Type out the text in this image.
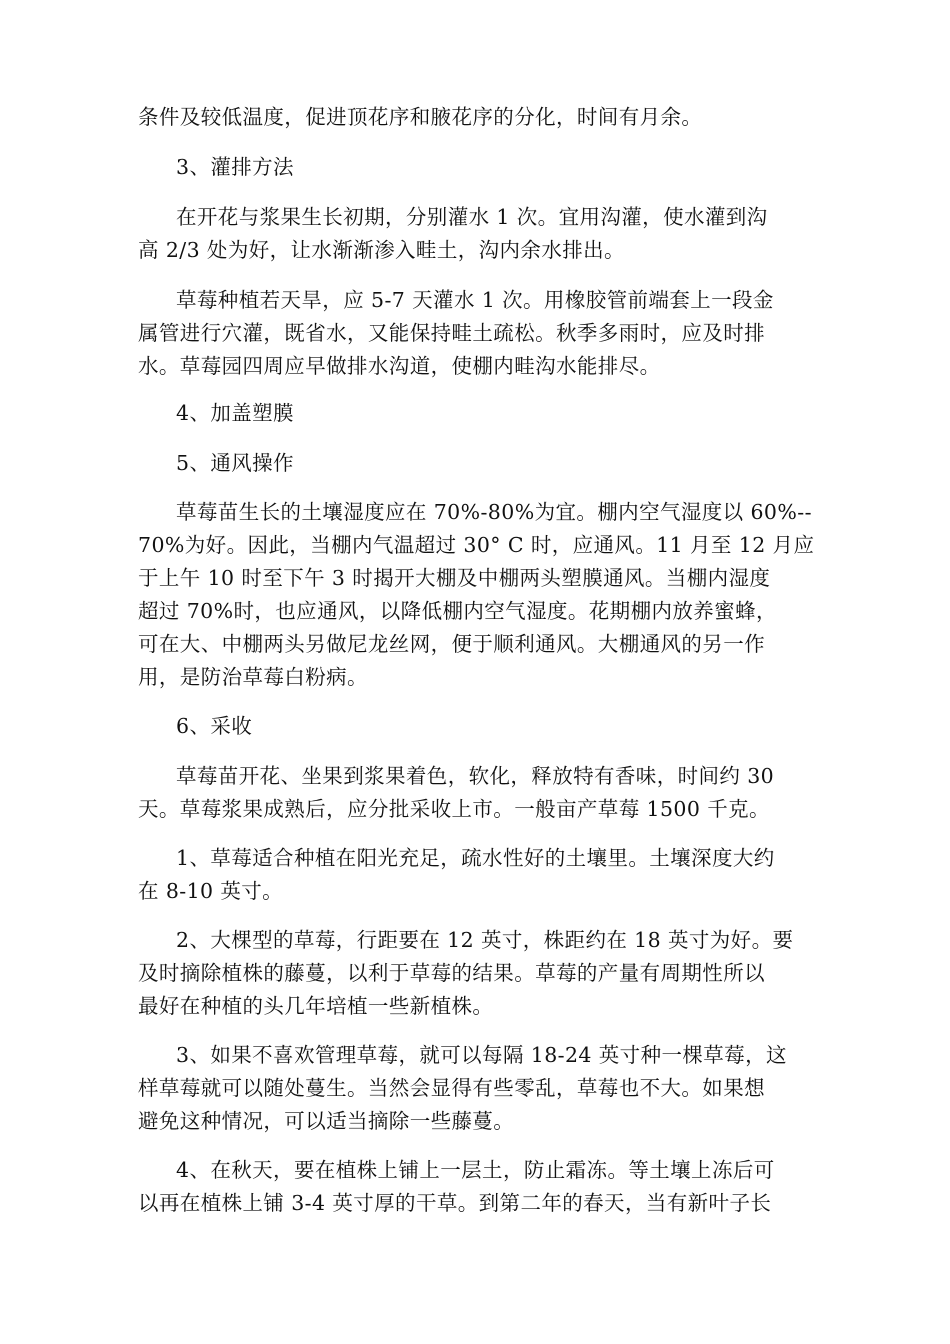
条件及较低温度，促进顶花序和腋花序的分化，时间有月余。

3、灌排方法

在开花与浆果生长初期，分别灌水 1 次。宜用沟灌，使水灌到沟
高 2/3 处为好，让水渐渐渗入畦土，沟内余水排出。

草莓种植若天旱，应 5-7 天灌水 1 次。用橡胶管前端套上一段金
属管进行穴灌，既省水，又能保持畦土疏松。秋季多雨时，应及时排
水。草莓园四周应早做排水沟道，使棚内畦沟水能排尽。

4、加盖塑膜

5、通风操作

草莓苗生长的土壤湿度应在 70%-80%为宜。棚内空气湿度以 60%--
70%为好。因此，当棚内气温超过 30° C 时，应通风。11 月至 12 月应
于上午 10 时至下午 3 时揭开大棚及中棚两头塑膜通风。当棚内湿度
超过 70%时，也应通风，以降低棚内空气湿度。花期棚内放养蜜蜂，
可在大、中棚两头另做尼龙丝网，便于顺利通风。大棚通风的另一作
用，是防治草莓白粉病。

6、采收

草莓苗开花、坐果到浆果着色，软化，释放特有香味，时间约 30
天。草莓浆果成熟后，应分批采收上市。一般亩产草莓 1500 千克。

1、草莓适合种植在阳光充足，疏水性好的土壤里。土壤深度大约
在 8-10 英寸。

2、大棵型的草莓，行距要在 12 英寸，株距约在 18 英寸为好。要
及时摘除植株的藤蔓，以利于草莓的结果。草莓的产量有周期性所以
最好在种植的头几年培植一些新植株。

3、如果不喜欢管理草莓，就可以每隔 18-24 英寸种一棵草莓，这
样草莓就可以随处蔓生。当然会显得有些零乱，草莓也不大。如果想
避免这种情况，可以适当摘除一些藤蔓。

4、在秋天，要在植株上铺上一层土，防止霜冻。等土壤上冻后可
以再在植株上铺 3-4 英寸厚的干草。到第二年的春天，当有新叶子长
